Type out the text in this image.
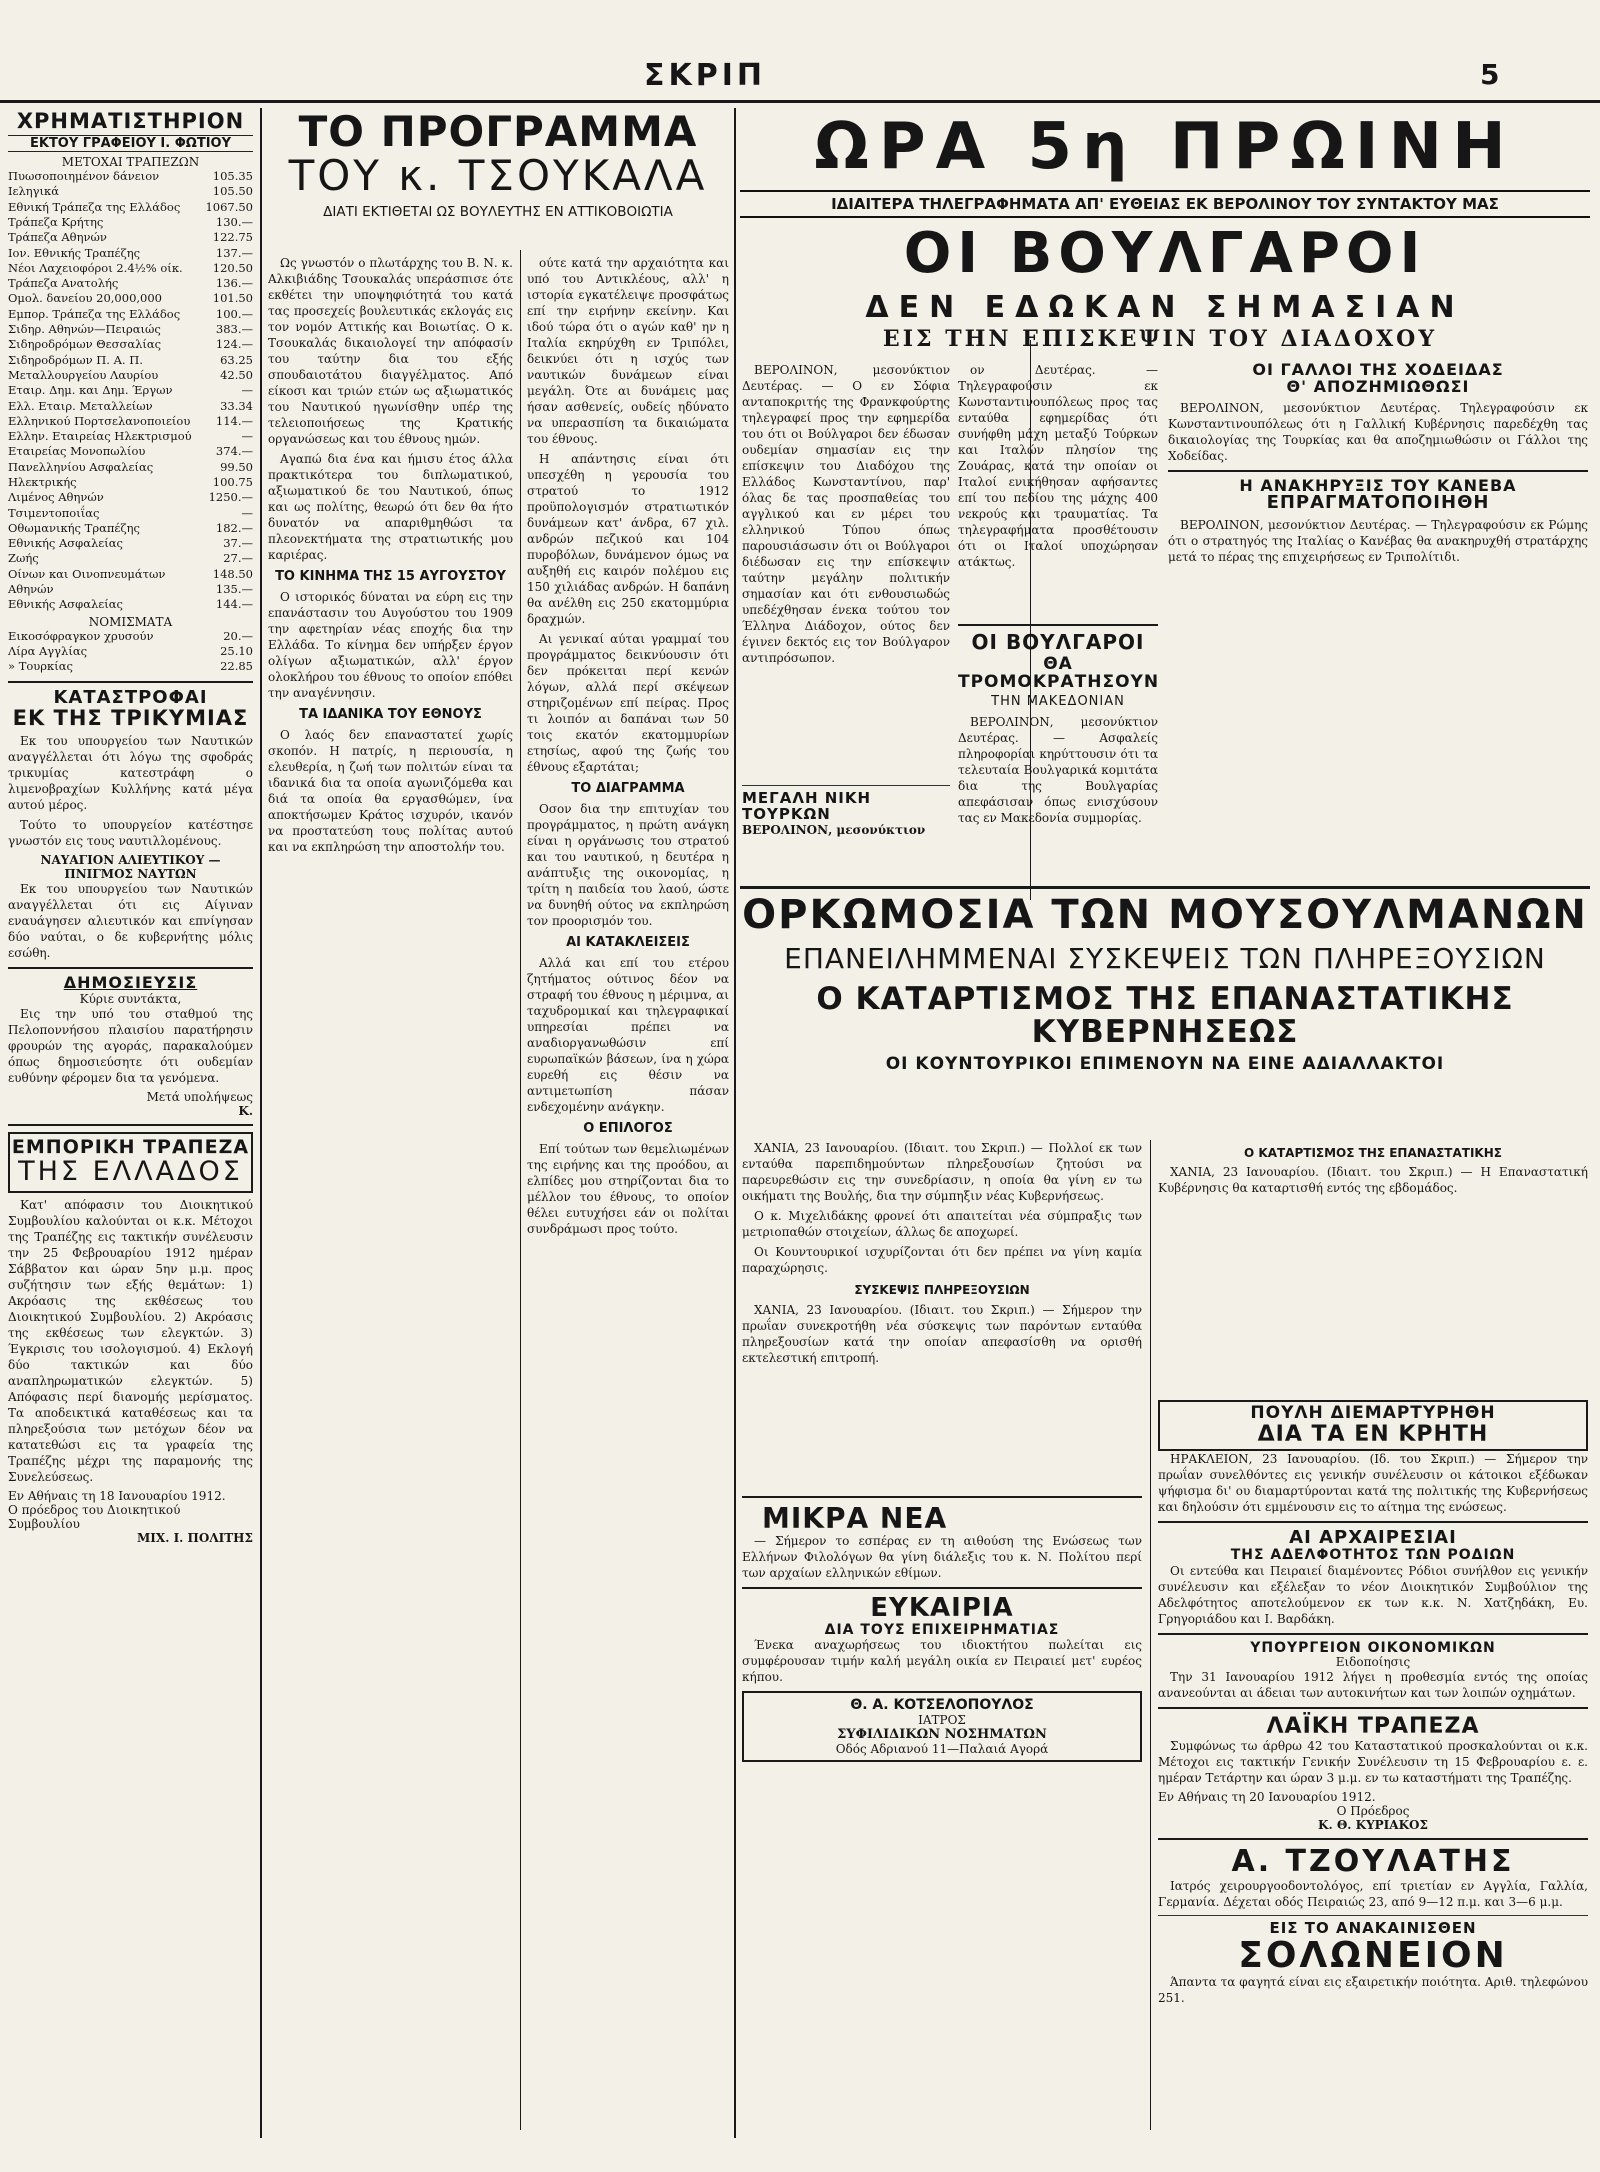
ΣΚΡΙΠ	5
ΧΡΗΜΑΤΙΣΤΗΡΙΟΝ
ΕΚΤΟΥ ΓΡΑΦΕΙΟΥ Ι. ΦΩΤΙΟΥ
ΜΕΤΟΧΑΙ ΤΡΑΠΕΖΩΝ
Πυωσοποιημένον δάνειον	105.35
Ιεληγικά	105.50
Εθνική Τράπεζα της Ελλάδος 1067.50
Τράπεζα Κρήτης	130.—
Τράπεζα Αθηνών	122.75
Ιον. Εθνικής Τραπέζης	137.—
Νέοι Λαχειοφόροι 2.4½% οίκ.	120.50
Τράπεζα Ανατολής	136.—
Ομολ. δανείου 20,000,000	101.50
Εμπορ. Τράπεζα της Ελλάδος	100.—
Σιδηρ. Αθηνών—Πειραιώς	383.—
Σιδηροδρόμων Θεσσαλίας	124.—
Σιδηροδρόμων Π. Α. Π.	63.25
Μεταλλουργείου Λαυρίου	42.50
Εταιρ. Δημ. και Δημ. Έργων	—
Ελλ. Εταιρ. Μεταλλείων	33.34
Ελληνικού Πορτσελανοποιείου 114.—
Ελλην. Εταιρείας Ηλεκτρισμού	—
Εταιρείας Μονοπωλίου	374.—
Πανελληνίου Ασφαλείας	99.50
Ηλεκτρικής	100.75
Λιμένος Αθηνών	1250.—
Τσιμεντοποιΐας	—
Οθωμανικής Τραπέζης	182.—
Εθνικής Ασφαλείας	37.—
Ζωής	27.—
Οίνων και Οινοπνευμάτων	148.50
Αθηνών	135.—
Εθνικής Ασφαλείας	144.—
ΝΟΜΙΣΜΑΤΑ
Εικοσόφραγκον χρυσούν	20.—
Λίρα Αγγλίας	25.10
» Τουρκίας	22.85
ΚΑΤΑΣΤΡΟΦΑΙ
ΕΚ ΤΗΣ ΤΡΙΚΥΜΙΑΣ

Εκ του υπουργείου των Ναυτικών αναγγέλλεται ότι λόγω της σφοδράς τρικυμίας κατεστράφη ο λιμενοβραχίων Κυλλήνης κατά μέγα αυτού μέρος.

Τούτο το υπουργείον κατέστησε γνωστόν εις τους ναυτιλλομένους.

ΝΑΥΑΓΙΟΝ ΑΛΙΕΥΤΙΚΟΥ — ΠΝΙΓΜΟΣ ΝΑΥΤΩΝ

Εκ του υπουργείου των Ναυτικών αναγγέλλεται ότι εις Αίγιναν εναυάγησεν αλιευτικόν και επνίγησαν δύο ναύται, ο δε κυβερνήτης μόλις εσώθη.

ΔΗΜΟΣΙΕΥΣΙΣ
Κύριε συντάκτα,

Εις την υπό του σταθμού της Πελοποννήσου πλαισίου παρατήρησιν φρουρών της αγοράς, παρακαλούμεν όπως δημοσιεύσητε ότι ουδεμίαν ευθύνην φέρομεν δια τα γενόμενα.

Μετά υπολήψεως
Κ.
ΕΜΠΟΡΙΚΗ ΤΡΑΠΕΖΑ
ΤΗΣ ΕΛΛΑΔΟΣ

Κατ' απόφασιν του Διοικητικού Συμβουλίου καλούνται οι κ.κ. Μέτοχοι της Τραπέζης εις τακτικήν συνέλευσιν την 25 Φεβρουαρίου 1912 ημέραν Σάββατον και ώραν 5ην μ.μ. προς συζήτησιν των εξής θεμάτων: 1) Ακρόασις της εκθέσεως του Διοικητικού Συμβουλίου. 2) Ακρόασις της εκθέσεως των ελεγκτών. 3) Έγκρισις του ισολογισμού. 4) Εκλογή δύο τακτικών και δύο αναπληρωματικών ελεγκτών. 5) Απόφασις περί διανομής μερίσματος. Τα αποδεικτικά καταθέσεως και τα πληρεξούσια των μετόχων δέον να κατατεθώσι εις τα γραφεία της Τραπέζης μέχρι της παραμονής της Συνελεύσεως.

Εν Αθήναις τη 18 Ιανουαρίου 1912.
Ο πρόεδρος του Διοικητικού Συμβουλίου
ΜΙΧ. Ι. ΠΟΛΙΤΗΣ
ΤΟ ΠΡΟΓΡΑΜΜΑ
ΤΟΥ κ. ΤΣΟΥΚΑΛΑ
ΔΙΑΤΙ ΕΚΤΙΘΕΤΑΙ ΩΣ ΒΟΥΛΕΥΤΗΣ ΕΝ ΑΤΤΙΚΟΒΟΙΩΤΙΑ

Ως γνωστόν ο πλωτάρχης του Β. Ν. κ. Αλκιβιάδης Τσουκαλάς υπεράσπισε ότε εκθέτει την υποψηφιότητά του κατά τας προσεχείς βουλευτικάς εκλογάς εις τον νομόν Αττικής και Βοιωτίας. Ο κ. Τσουκαλάς δικαιολογεί την απόφασίν του ταύτην δια του εξής σπουδαιοτάτου διαγγέλματος. Από είκοσι και τριών ετών ως αξιωματικός του Ναυτικού ηγωνίσθην υπέρ της τελειοποιήσεως της Κρατικής οργανώσεως και του έθνους ημών.

Αγαπώ δια ένα και ήμισυ έτος άλλα πρακτικότερα του διπλωματικού, αξιωματικού δε του Ναυτικού, όπως και ως πολίτης, θεωρώ ότι δεν θα ήτο δυνατόν να απαριθμηθώσι τα πλεονεκτήματα της στρατιωτικής μου καριέρας.

ΤΟ ΚΙΝΗΜΑ ΤΗΣ 15 ΑΥΓΟΥΣΤΟΥ

Ο ιστορικός δύναται να εύρη εις την επανάστασιν του Αυγούστου του 1909 την αφετηρίαν νέας εποχής δια την Ελλάδα. Το κίνημα δεν υπήρξεν έργον ολίγων αξιωματικών, αλλ' έργον ολοκλήρου του έθνους το οποίον επόθει την αναγέννησιν.

ΤΑ ΙΔΑΝΙΚΑ ΤΟΥ ΕΘΝΟΥΣ

Ο λαός δεν επαναστατεί χωρίς σκοπόν. Η πατρίς, η περιουσία, η ελευθερία, η ζωή των πολιτών είναι τα ιδανικά δια τα οποία αγωνιζόμεθα και διά τα οποία θα εργασθώμεν, ίνα αποκτήσωμεν Κράτος ισχυρόν, ικανόν να προστατεύση τους πολίτας αυτού και να εκπληρώση την αποστολήν του.

ούτε κατά την αρχαιότητα και υπό του Αντικλέους, αλλ' η ιστορία εγκατέλειψε προσφάτως επί την ειρήνην εκείνην. Και ιδού τώρα ότι ο αγών καθ' ην η Ιταλία εκηρύχθη εν Τριπόλει, δεικνύει ότι η ισχύς των ναυτικών δυνάμεων είναι μεγάλη. Ότε αι δυνάμεις μας ήσαν ασθενείς, ουδείς ηδύνατο να υπερασπίση τα δικαιώματα του έθνους.

Η απάντησις είναι ότι υπεσχέθη η γερουσία του στρατού το 1912 προϋπολογισμόν στρατιωτικόν δυνάμεων κατ' άνδρα, 67 χιλ. ανδρών πεζικού και 104 πυροβόλων, δυνάμενον όμως να αυξηθή εις καιρόν πολέμου εις 150 χιλιάδας ανδρών. Η δαπάνη θα ανέλθη εις 250 εκατομμύρια δραχμών.

Αι γενικαί αύται γραμμαί του προγράμματος δεικνύουσιν ότι δεν πρόκειται περί κενών λόγων, αλλά περί σκέψεων στηριζομένων επί πείρας. Προς τι λοιπόν αι δαπάναι των 50 τοις εκατόν εκατομμυρίων ετησίως, αφού της ζωής του έθνους εξαρτάται;

ΤΟ ΔΙΑΓΡΑΜΜΑ

Οσον δια την επιτυχίαν του προγράμματος, η πρώτη ανάγκη είναι η οργάνωσις του στρατού και του ναυτικού, η δευτέρα η ανάπτυξις της οικονομίας, η τρίτη η παιδεία του λαού, ώστε να δυνηθή ούτος να εκπληρώση τον προορισμόν του.

ΑΙ ΚΑΤΑΚΛΕΙΣΕΙΣ

Αλλά και επί του ετέρου ζητήματος ούτινος δέον να στραφή του έθνους η μέριμνα, αι ταχυδρομικαί και τηλεγραφικαί υπηρεσίαι πρέπει να αναδιοργανωθώσιν επί ευρωπαϊκών βάσεων, ίνα η χώρα ευρεθή εις θέσιν να αντιμετωπίση πάσαν ενδεχομένην ανάγκην.

Ο ΕΠΙΛΟΓΟΣ

Επί τούτων των θεμελιωμένων της ειρήνης και της προόδου, αι ελπίδες μου στηρίζονται δια το μέλλον του έθνους, το οποίον θέλει ευτυχήσει εάν οι πολίται συνδράμωσι προς τούτο.

ΩΡΑ 5η ΠΡΩΙΝΗ
ΙΔΙΑΙΤΕΡΑ ΤΗΛΕΓΡΑΦΗΜΑΤΑ ΑΠ' ΕΥΘΕΙΑΣ ΕΚ ΒΕΡΟΛΙΝΟΥ ΤΟΥ ΣΥΝΤΑΚΤΟΥ ΜΑΣ
ΟΙ ΒΟΥΛΓΑΡΟΙ
ΔΕΝ ΕΔΩΚΑΝ ΣΗΜΑΣΙΑΝ
ΕΙΣ ΤΗΝ ΕΠΙΣΚΕΨΙΝ ΤΟΥ ΔΙΑΔΟΧΟΥ

ΒΕΡΟΛΙΝΟΝ, μεσονύκτιον Δευτέρας. — Ο εν Σόφια ανταποκριτής της Φρανκφούρτης τηλεγραφεί προς την εφημερίδα του ότι οι Βούλγαροι δεν έδωσαν ουδεμίαν σημασίαν εις την επίσκεψιν του Διαδόχου της Ελλάδος Κωνσταντίνου, παρ' όλας δε τας προσπαθείας του αγγλικού και εν μέρει του ελληνικού Τύπου όπως παρουσιάσωσιν ότι οι Βούλγαροι διέδωσαν εις την επίσκεψιν ταύτην μεγάλην πολιτικήν σημασίαν και ότι ενθουσιωδώς υπεδέχθησαν ένεκα τούτου τον Έλληνα Διάδοχον, ούτος δεν έγινεν δεκτός εις τον Βούλγαρον αντιπρόσωπον.

ον Δευτέρας. — Τηλεγραφούσιν εκ Κωνσταντινουπόλεως προς τας ενταύθα εφημερίδας ότι συνήφθη μάχη μεταξύ Τούρκων και Ιταλών πλησίον της Ζουάρας, κατά την οποίαν οι Ιταλοί ενικήθησαν αφήσαντες επί του πεδίου της μάχης 400 νεκρούς και τραυματίας. Τα τηλεγραφήματα προσθέτουσιν ότι οι Ιταλοί υποχώρησαν ατάκτως.

ΟΙ ΒΟΥΛΓΑΡΟΙ
ΘΑ ΤΡΟΜΟΚΡΑΤΗΣΟΥΝ
ΤΗΝ ΜΑΚΕΔΟΝΙΑΝ

ΒΕΡΟΛΙΝΟΝ, μεσονύκτιον Δευτέρας. — Ασφαλείς πληροφορίαι κηρύττουσιν ότι τα τελευταία Βουλγαρικά κομιτάτα δια της Βουλγαρίας απεφάσισαν όπως ενισχύσουν τας εν Μακεδονία συμμορίας.

ΜΕΓΑΛΗ ΝΙΚΗ ΤΟΥΡΚΩΝ
ΒΕΡΟΛΙΝΟΝ, μεσονύκτιον
ΟΙ ΓΑΛΛΟΙ ΤΗΣ ΧΟΔΕΙΔΑΣ
Θ' ΑΠΟΖΗΜΙΩΘΩΣΙ

ΒΕΡΟΛΙΝΟΝ, μεσονύκτιον Δευτέρας. Τηλεγραφούσιν εκ Κωνσταντινουπόλεως ότι η Γαλλική Κυβέρνησις παρεδέχθη τας δικαιολογίας της Τουρκίας και θα αποζημιωθώσιν οι Γάλλοι της Χοδείδας.

Η ΑΝΑΚΗΡΥΞΙΣ ΤΟΥ ΚΑΝΕΒΑ
ΕΠΡΑΓΜΑΤΟΠΟΙΗΘΗ

ΒΕΡΟΛΙΝΟΝ, μεσονύκτιον Δευτέρας. — Τηλεγραφούσιν εκ Ρώμης ότι ο στρατηγός της Ιταλίας ο Κανέβας θα ανακηρυχθή στρατάρχης μετά το πέρας της επιχειρήσεως εν Τριπολίτιδι.

ΟΡΚΩΜΟΣΙΑ ΤΩΝ ΜΟΥΣΟΥΛΜΑΝΩΝ
ΕΠΑΝΕΙΛΗΜΜΕΝΑΙ ΣΥΣΚΕΨΕΙΣ ΤΩΝ ΠΛΗΡΕΞΟΥΣΙΩΝ
Ο ΚΑΤΑΡΤΙΣΜΟΣ ΤΗΣ ΕΠΑΝΑΣΤΑΤΙΚΗΣ ΚΥΒΕΡΝΗΣΕΩΣ
ΟΙ ΚΟΥΝΤΟΥΡΙΚΟΙ ΕΠΙΜΕΝΟΥΝ ΝΑ ΕΙΝΕ ΑΔΙΑΛΛΑΚΤΟΙ

ΧΑΝΙΑ, 23 Ιανουαρίου. (Ιδιαιτ. του Σκριπ.) — Πολλοί εκ των ενταύθα παρεπιδημούντων πληρεξουσίων ζητούσι να παρευρεθώσιν εις την συνεδρίασιν, η οποία θα γίνη εν τω οικήματι της Βουλής, δια την σύμπηξιν νέας Κυβερνήσεως.

Ο κ. Μιχελιδάκης φρονεί ότι απαιτείται νέα σύμπραξις των μετριοπαθών στοιχείων, άλλως δε αποχωρεί.

Οι Κουντουρικοί ισχυρίζονται ότι δεν πρέπει να γίνη καμία παραχώρησις.

ΣΥΣΚΕΨΙΣ ΠΛΗΡΕΞΟΥΣΙΩΝ

ΧΑΝΙΑ, 23 Ιανουαρίου. (Ιδιαιτ. του Σκριπ.) — Σήμερον την πρωΐαν συνεκροτήθη νέα σύσκεψις των παρόντων ενταύθα πληρεξουσίων κατά την οποίαν απεφασίσθη να ορισθή εκτελεστική επιτροπή.

Ο ΚΑΤΑΡΤΙΣΜΟΣ ΤΗΣ ΕΠΑΝΑΣΤΑΤΙΚΗΣ

ΧΑΝΙΑ, 23 Ιανουαρίου. (Ιδιαιτ. του Σκριπ.) — Η Επαναστατική Κυβέρνησις θα καταρτισθή εντός της εβδομάδος.

ΜΙΚΡΑ ΝΕΑ

— Σήμερον το εσπέρας εν τη αιθούση της Ενώσεως των Ελλήνων Φιλολόγων θα γίνη διάλεξις του κ. Ν. Πολίτου περί των αρχαίων ελληνικών εθίμων.

ΕΥΚΑΙΡΙΑ
ΔΙΑ ΤΟΥΣ ΕΠΙΧΕΙΡΗΜΑΤΙΑΣ

Ένεκα αναχωρήσεως του ιδιοκτήτου πωλείται εις συμφέρουσαν τιμήν καλή μεγάλη οικία εν Πειραιεί μετ' ευρέος κήπου.

Θ. Α. ΚΟΤΣΕΛΟΠΟΥΛΟΣ
ΙΑΤΡΟΣ
ΣΥΦΙΛΙΔΙΚΩΝ ΝΟΣΗΜΑΤΩΝ
Οδός Αδριανού 11—Παλαιά Αγορά
ΠΟΥΛΗ ΔΙΕΜΑΡΤΥΡΗΘΗ
ΔΙΑ ΤΑ ΕΝ ΚΡΗΤΗ

ΗΡΑΚΛΕΙΟΝ, 23 Ιανουαρίου. (Ιδ. του Σκριπ.) — Σήμερον την πρωΐαν συνελθόντες εις γενικήν συνέλευσιν οι κάτοικοι εξέδωκαν ψήφισμα δι' ου διαμαρτύρονται κατά της πολιτικής της Κυβερνήσεως και δηλούσιν ότι εμμένουσιν εις το αίτημα της ενώσεως.

ΑΙ ΑΡΧΑΙΡΕΣΙΑΙ
ΤΗΣ ΑΔΕΛΦΟΤΗΤΟΣ ΤΩΝ ΡΟΔΙΩΝ

Οι εντεύθα και Πειραιεί διαμένοντες Ρόδιοι συνήλθον εις γενικήν συνέλευσιν και εξέλεξαν το νέον Διοικητικόν Συμβούλιον της Αδελφότητος αποτελούμενον εκ των κ.κ. Ν. Χατζηδάκη, Ευ. Γρηγοριάδου και Ι. Βαρδάκη.

ΥΠΟΥΡΓΕΙΟΝ ΟΙΚΟΝΟΜΙΚΩΝ
Ειδοποίησις

Την 31 Ιανουαρίου 1912 λήγει η προθεσμία εντός της οποίας ανανεούνται αι άδειαι των αυτοκινήτων και των λοιπών οχημάτων.

ΛΑΪΚΗ ΤΡΑΠΕΖΑ

Συμφώνως τω άρθρω 42 του Καταστατικού προσκαλούνται οι κ.κ. Μέτοχοι εις τακτικήν Γενικήν Συνέλευσιν τη 15 Φεβρουαρίου ε. ε. ημέραν Τετάρτην και ώραν 3 μ.μ. εν τω καταστήματι της Τραπέζης.

Εν Αθήναις τη 20 Ιανουαρίου 1912.
Ο Πρόεδρος
Κ. Θ. ΚΥΡΙΑΚΟΣ
Α. ΤΖΟΥΛΑΤΗΣ

Ιατρός χειρουργοοδοντολόγος, επί τριετίαν εν Αγγλία, Γαλλία, Γερμανία. Δέχεται οδός Πειραιώς 23, από 9—12 π.μ. και 3—6 μ.μ.

ΕΙΣ ΤΟ ΑΝΑΚΑΙΝΙΣΘΕΝ
ΣΟΛΩΝΕΙΟΝ

Άπαντα τα φαγητά είναι εις εξαιρετικήν ποιότητα. Αριθ. τηλεφώνου 251.
